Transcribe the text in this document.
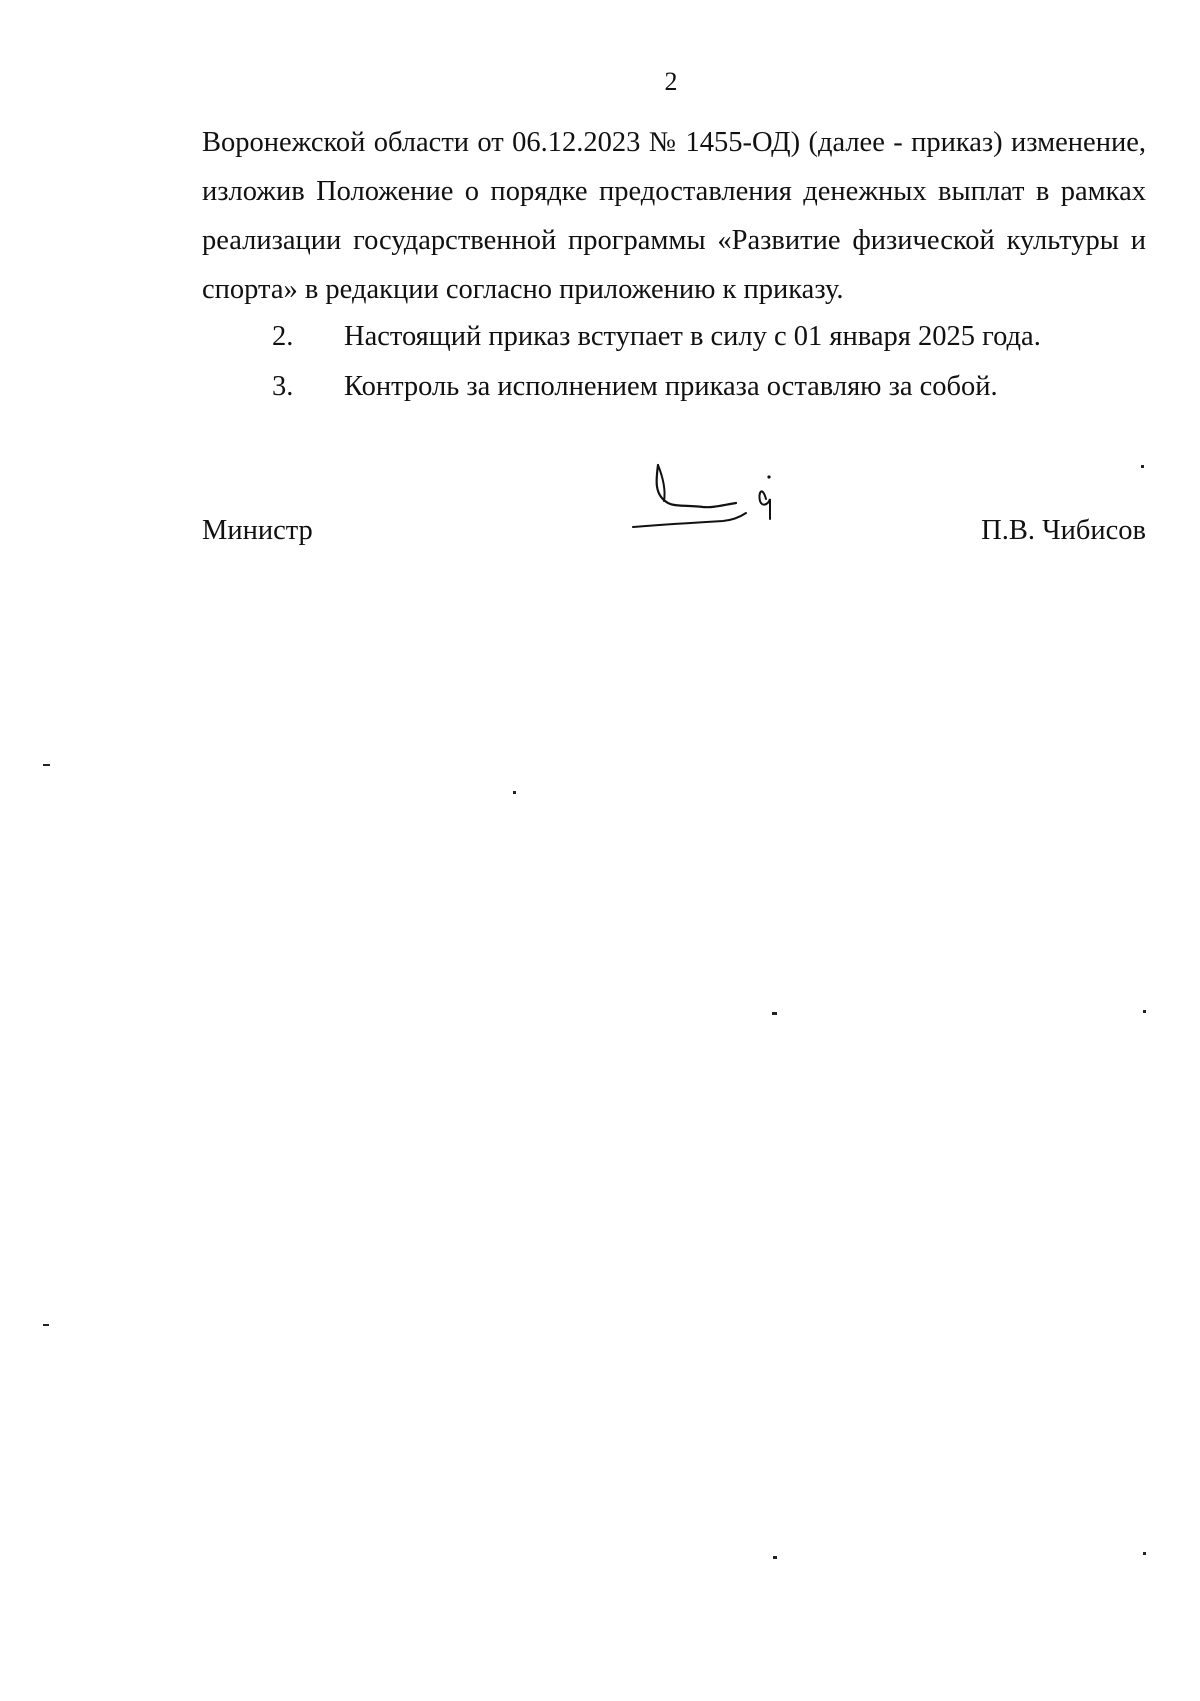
2
Воронежской области от 06.12.2023 № 1455-ОД) (далее - приказ) изменение,
изложив Положение о порядке предоставления денежных выплат в рамках
реализации государственной программы «Развитие физической культуры и
спорта» в редакции согласно приложению к приказу.
2. Настоящий приказ вступает в силу с 01 января 2025 года.
3. Контроль за исполнением приказа оставляю за собой.
Министр	П.В. Чибисов
